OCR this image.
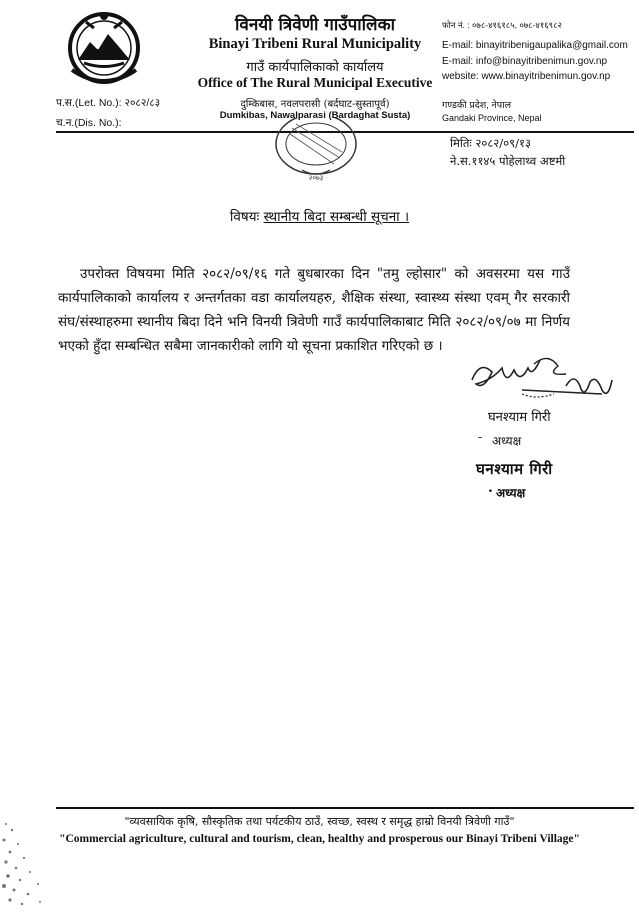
विनयी त्रिवेणी गाउँपालिका
Binayi Tribeni Rural Municipality
गाउँ कार्यपालिकाको कार्यालय
Office of The Rural Municipal Executive
दुम्किबास, नवलपरासी (बर्दघाट-सुस्तापूर्व)
Dumkibas, Nawalparasi (Bardaghat Susta)
फोन नं. : ०७८-४१६१८५, ०७८-४१६९८२
E-mail: binayitribenigaupalika@gmail.com
E-mail: info@binayitribenimun.gov.np
website: www.binayitribenimun.gov.np
गण्डकी प्रदेश, नेपाल
Gandaki Province, Nepal
प.स.(Let. No.): २०८२/८३
च.न.(Dis. No.):
मितिः २०८२/०९/१३
ने.स.११४५ पोहेलाथ्व अष्टमी
२०७३
विषयः स्थानीय बिदा सम्बन्धी सूचना ।
उपरोक्त विषयमा मिति २०८२/०९/१६ गते बुधबारका दिन "तमु ल्होसार" को अवसरमा यस गाउँ कार्यपालिकाको कार्यालय र अन्तर्गतका वडा कार्यालयहरु, शैक्षिक संस्था, स्वास्थ्य संस्था एवम् गैर सरकारी संघ/संस्थाहरुमा स्थानीय बिदा दिने भनि विनयी त्रिवेणी गाउँ कार्यपालिकाबाट मिति २०८२/०९/०७ मा निर्णय भएको हुँदा सम्बन्धित सबैमा जानकारीको लागि यो सूचना प्रकाशित गरिएको छ ।
घनश्याम गिरी
- अध्यक्ष
घनश्याम गिरी
. अध्यक्ष
"व्यवसायिक कृषि, सौस्कृतिक तथा पर्यटकीय ठाउँ, स्वच्छ, स्वस्थ र समृद्ध हाम्रो विनयी त्रिवेणी गाउँ"
"Commercial agriculture, cultural and tourism, clean, healthy and prosperous our Binayi Tribeni Village"
